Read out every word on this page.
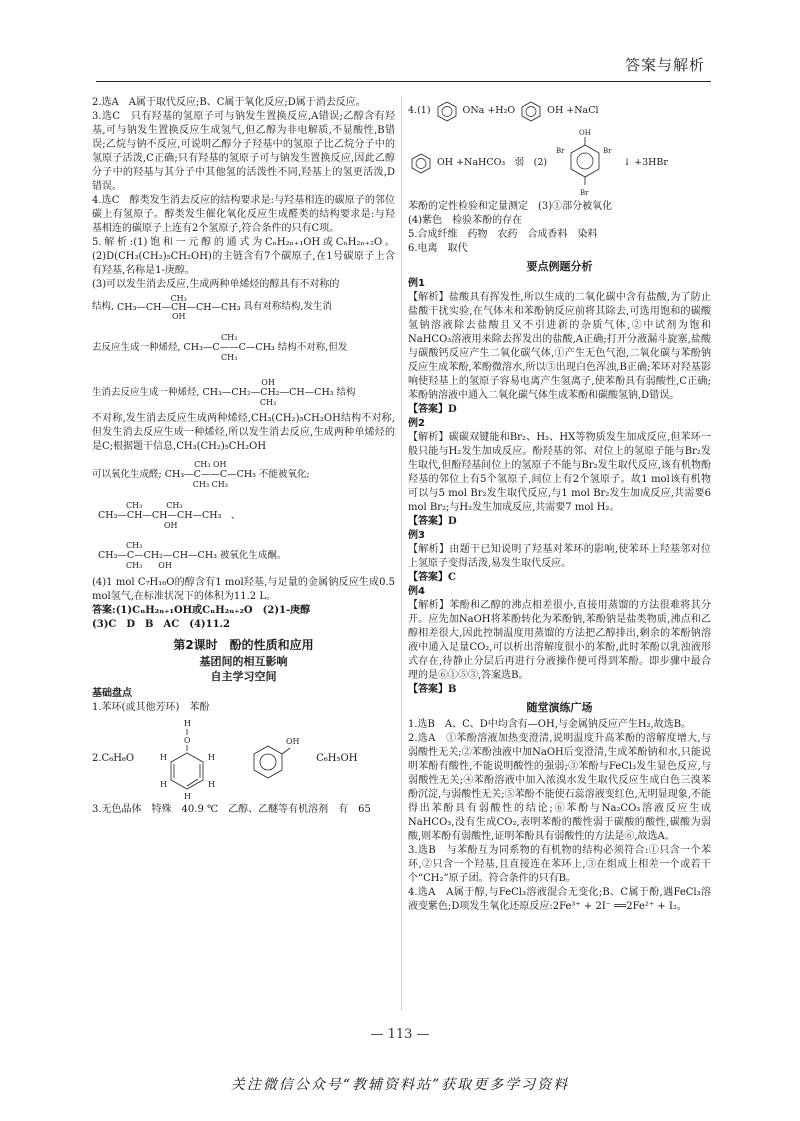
答案与解析

2.选A　A属于取代反应;B、C属于氧化反应;D属于消去反应。

3.选C　只有羟基的氢原子可与钠发生置换反应,A错误;乙醇含有羟基,可与钠发生置换反应生成氢气,但乙醇为非电解质,不显酸性,B错误;乙烷与钠不反应,可说明乙醇分子羟基中的氢原子比乙烷分子中的氢原子活泼,C正确;只有羟基的氢原子可与钠发生置换反应,因此乙醇分子中的羟基与其分子中其他氢的活泼性不同,羟基上的氢更活泼,D错误。

4.选C　醇类发生消去反应的结构要求是:与羟基相连的碳原子的邻位碳上有氢原子。醇类发生催化氧化反应生成醛类的结构要求是:与羟基相连的碳原子上连有2个氢原子,符合条件的只有C项。

5.解析:(1)饱和一元醇的通式为CₙH₂ₙ₊₁OH或CₙH₂ₙ₊₂O。(2)D(CH₃(CH₂)₅CH₂OH)的主链含有7个碳原子,在1号碳原子上含有羟基,名称是1-庚醇。

(3)可以发生消去反应,生成两种单烯烃的醇具有不对称的

结构,
CH₃
CH₃—CH—CH—CH—CH₃
OH
具有对称结构,发生消
去反应生成一种烯烃,
CH₃
CH₃—C——C—CH₃
CH₃
结构不对称,但发
生消去反应生成一种烯烃,
OH
CH₃—CH₂—CH₂—CH—CH₃
CH₃
结构

不对称,发生消去反应生成两种烯烃,CH₃(CH₂)₅CH₂OH结构不对称,但发生消去反应生成一种烯烃,所以发生消去反应,生成两种单烯烃的是C;根据题干信息,CH₃(CH₂)₅CH₂OH

可以氧化生成醛;
CH₃ OH
CH₃—C——C—CH₃
CH₃ CH₃
不能被氧化;
CH₃　　　CH₃
CH₃—CH—CH—CH—CH₃　、
OH
CH₃
CH₃—C—CH₂—CH—CH₃
CH₃　　OH
被氧化生成酮。

(4)1 mol C₇H₁₆O的醇含有1 mol羟基,与足量的金属钠反应生成0.5 mol氢气,在标准状况下的体积为11.2 L。

答案:(1)CₙH₂ₙ₊₁OH或CₙH₂ₙ₊₂O　(2)1-庚醇

(3)C　D　B　AC　(4)11.2

第2课时　酚的性质和应用
基团间的相互影响
自主学习空间

基础盘点

1.苯环(或其他芳环)　苯酚

2.C₆H₆O
H
O
H	H
H	H
H
OH
C₆H₅OH

3.无色晶体　特殊　40.9 ℃　乙醇、乙醚等有机溶剂　有　65

4.(1)	ONa +H₂O	OH +NaCl
OH +NaHCO₃　弱　(2)
OH
Br	Br
Br
↓ +3HBr

苯酚的定性检验和定量测定　(3)①部分被氧化

(4)紫色　检验苯酚的存在

5.合成纤维　药物　农药　合成香料　染料

6.电离　取代

要点例题分析

例1

【解析】盐酸具有挥发性,所以生成的二氧化碳中含有盐酸,为了防止盐酸干扰实验,在气体未和苯酚钠反应前将其除去,可选用饱和的碳酸氢钠溶液除去盐酸且又不引进新的杂质气体,②中试剂为饱和NaHCO₃溶液用来除去挥发出的盐酸,A正确;打开分液漏斗旋塞,盐酸与碳酸钙反应产生二氧化碳气体,①产生无色气泡,二氧化碳与苯酚钠反应生成苯酚,苯酚微溶水,所以③出现白色浑浊,B正确;苯环对羟基影响使羟基上的氢原子容易电离产生氢离子,使苯酚具有弱酸性,C正确;苯酚钠溶液中通入二氧化碳气体生成苯酚和碳酸氢钠,D错误。

【答案】D

例2

【解析】碳碳双键能和Br₂、H₂、HX等物质发生加成反应,但苯环一般只能与H₂发生加成反应。酚羟基的邻、对位上的氢原子能与Br₂发生取代,但酚羟基间位上的氢原子不能与Br₂发生取代反应,该有机物酚羟基的邻位上有5个氢原子,间位上有2个氢原子。故1 mol该有机物可以与5 mol Br₂发生取代反应,与1 mol Br₂发生加成反应,共需要6 mol Br₂;与H₂发生加成反应,共需要7 mol H₂。

【答案】D

例3

【解析】由题干已知说明了羟基对苯环的影响,使苯环上羟基邻对位上氢原子变得活泼,易发生取代反应。

【答案】C

例4

【解析】苯酚和乙醇的沸点相差很小,直接用蒸馏的方法很难将其分开。应先加NaOH将苯酚转化为苯酚钠,苯酚钠是盐类物质,沸点和乙醇相差很大,因此控制温度用蒸馏的方法把乙醇排出,剩余的苯酚钠溶液中通入足量CO₂,可以析出溶解度很小的苯酚,此时苯酚以乳浊液形式存在,待静止分层后再进行分液操作便可得到苯酚。即步骤中最合理的是⑥①⑤③,答案选B。

【答案】B

随堂演练广场

1.选B　A、C、D中均含有—OH,与金属钠反应产生H₂,故选B。

2.选A　①苯酚溶液加热变澄清,说明温度升高苯酚的溶解度增大,与弱酸性无关;②苯酚浊液中加NaOH后变澄清,生成苯酚钠和水,只能说明苯酚有酸性,不能说明酸性的强弱;③苯酚与FeCl₃发生显色反应,与弱酸性无关;④苯酚溶液中加入浓溴水发生取代反应生成白色三溴苯酚沉淀,与弱酸性无关;⑤苯酚不能使石蕊溶液变红色,无明显现象,不能得出苯酚具有弱酸性的结论;⑥苯酚与Na₂CO₃溶液反应生成NaHCO₃,没有生成CO₂,表明苯酚的酸性弱于碳酸的酸性,碳酸为弱酸,则苯酚有弱酸性,证明苯酚具有弱酸性的方法是⑥,故选A。

3.选B　与苯酚互为同系物的有机物的结构必须符合:①只含一个苯环,②只含一个羟基,且直接连在苯环上,③在组成上相差一个或若干个“CH₂”原子团。符合条件的只有B。

4.选A　A属于醇,与FeCl₃溶液混合无变化;B、C属于酚,遇FeCl₃溶液变紫色;D项发生氧化还原反应:2Fe³⁺ + 2I⁻ ══2Fe²⁺ + I₂。

— 113 —
关注微信公众号“教辅资料站”获取更多学习资料
